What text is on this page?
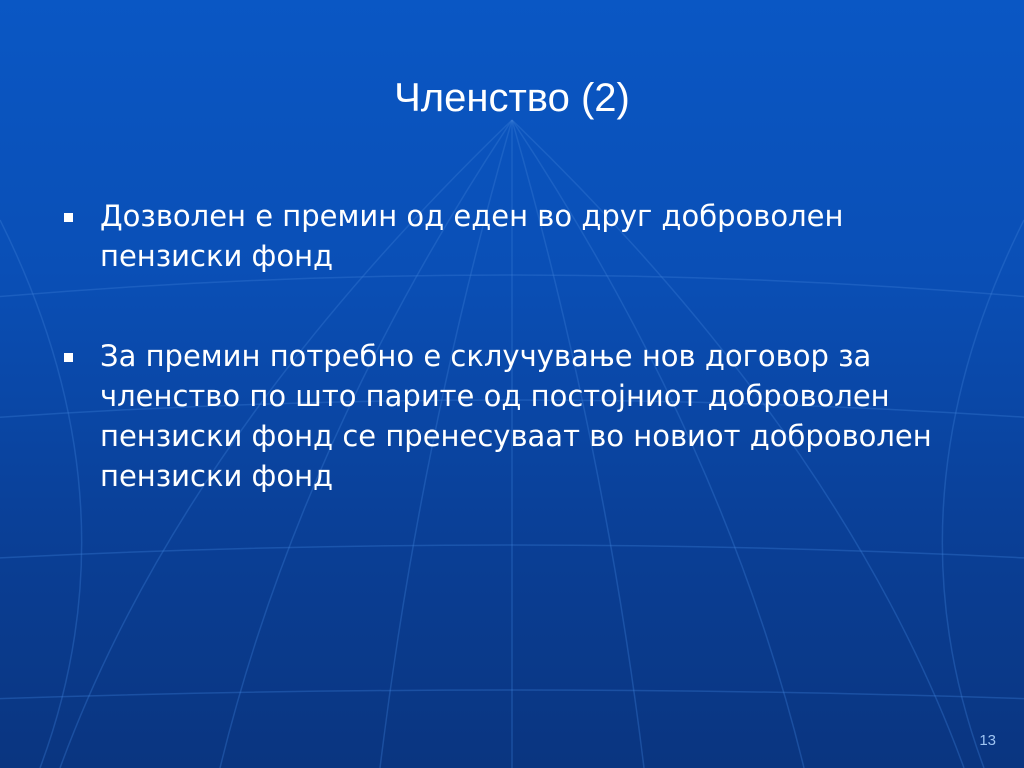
Членство (2)
Дозволен е премин од еден во друг доброволен пензиски фонд
За премин потребно е склучување нов договор за членство по што парите од постојниот доброволен пензиски фонд се пренесуваат во новиот доброволен пензиски фонд
13
